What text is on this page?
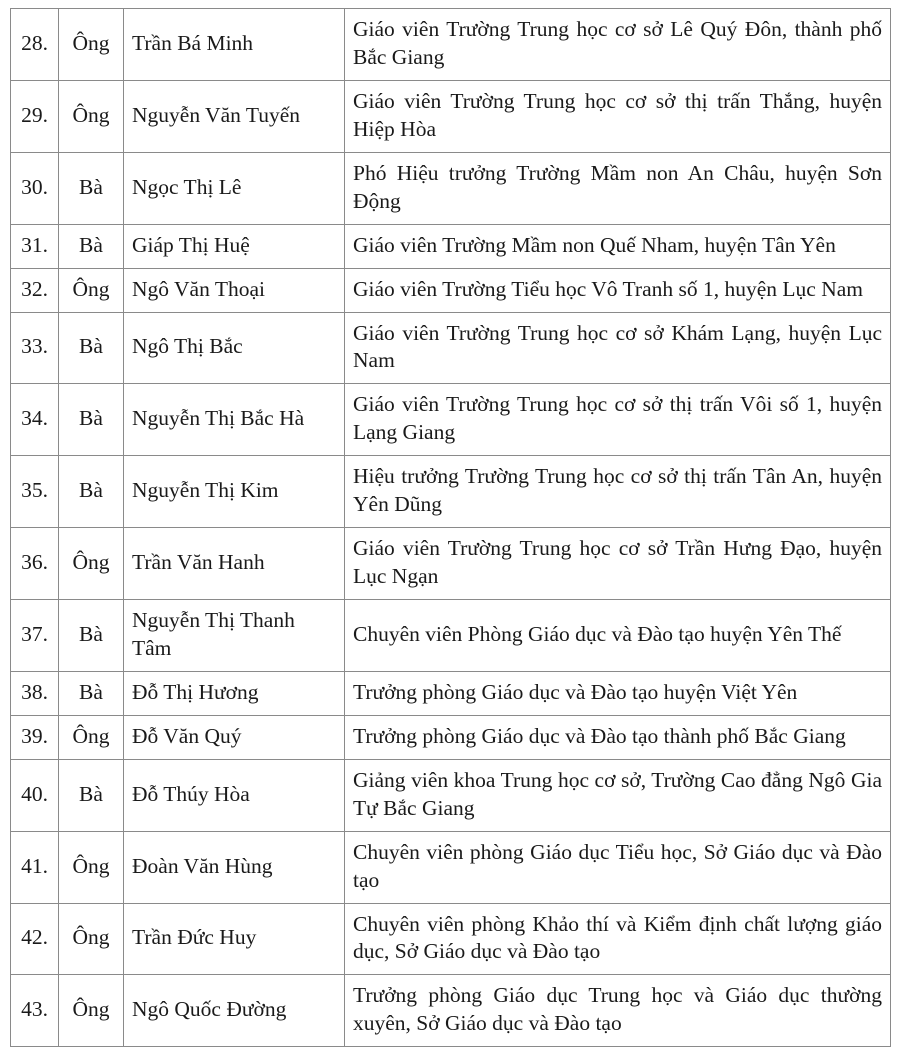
28.	Ông	Trần Bá Minh	Giáo viên Trường Trung học cơ sở Lê Quý Đôn, thành phố Bắc Giang
29.	Ông	Nguyễn Văn Tuyến	Giáo viên Trường Trung học cơ sở thị trấn Thắng, huyện Hiệp Hòa
30.	Bà	Ngọc Thị Lê	Phó Hiệu trưởng Trường Mầm non An Châu, huyện Sơn Động
31.	Bà	Giáp Thị Huệ	Giáo viên Trường Mầm non Quế Nham, huyện Tân Yên
32.	Ông	Ngô Văn Thoại	Giáo viên Trường Tiểu học Vô Tranh số 1, huyện Lục Nam
33.	Bà	Ngô Thị Bắc	Giáo viên Trường Trung học cơ sở Khám Lạng, huyện Lục Nam
34.	Bà	Nguyễn Thị Bắc Hà	Giáo viên Trường Trung học cơ sở thị trấn Vôi số 1, huyện Lạng Giang
35.	Bà	Nguyễn Thị Kim	Hiệu trưởng Trường Trung học cơ sở thị trấn Tân An, huyện Yên Dũng
36.	Ông	Trần Văn Hanh	Giáo viên Trường Trung học cơ sở Trần Hưng Đạo, huyện Lục Ngạn
37.	Bà	Nguyễn Thị Thanh Tâm	Chuyên viên Phòng Giáo dục và Đào tạo huyện Yên Thế
38.	Bà	Đỗ Thị Hương	Trưởng phòng Giáo dục và Đào tạo huyện Việt Yên
39.	Ông	Đỗ Văn Quý	Trưởng phòng Giáo dục và Đào tạo thành phố Bắc Giang
40.	Bà	Đỗ Thúy Hòa	Giảng viên khoa Trung học cơ sở, Trường Cao đẳng Ngô Gia Tự Bắc Giang
41.	Ông	Đoàn Văn Hùng	Chuyên viên phòng Giáo dục Tiểu học, Sở Giáo dục và Đào tạo
42.	Ông	Trần Đức Huy	Chuyên viên phòng Khảo thí và Kiểm định chất lượng giáo dục, Sở Giáo dục và Đào tạo
43.	Ông	Ngô Quốc Đường	Trưởng phòng Giáo dục Trung học và Giáo dục thường xuyên, Sở Giáo dục và Đào tạo
